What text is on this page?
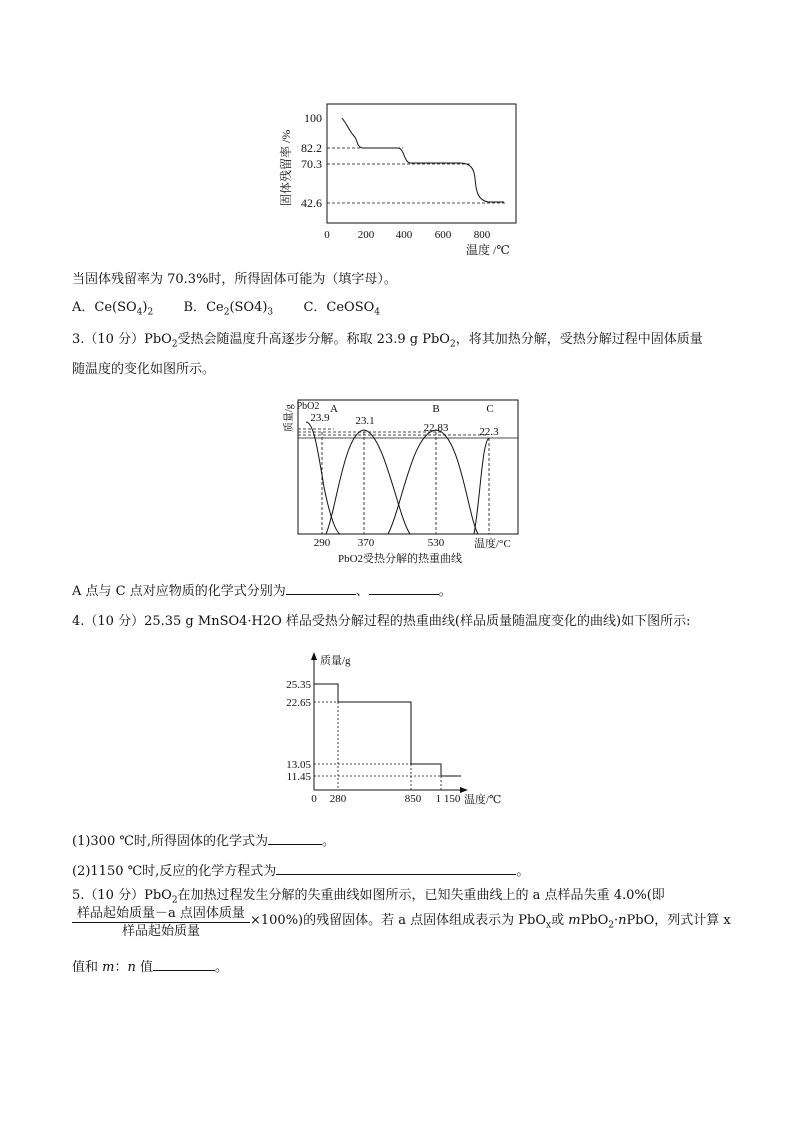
100
82.2
70.3
42.6
固体残留率 /%
0	200 400 600 800
温度 /℃
当固体残留率为 70.3%时，所得固体可能为（填字母）。
A．$Ce(SO_4)_2$ B．$Ce_2(SO4)_3$ C．CeOSO$_4$
3.（10 分）PbO$_2$受热会随温度升高逐步分解。称取 23.9 g PbO$_2$，将其加热分解，受热分解过程中固体质量
随温度的变化如图所示。
PbO2 A	B	C
23.9 23.1
22.83	22.3
质量/g
290	370	530	温度/°C
PbO2受热分解的热重曲线
A 点与 C 点对应物质的化学式分别为	、	。
4.（10 分）25.35 g MnSO4·H2O 样品受热分解过程的热重曲线(样品质量随温度变化的曲线)如下图所示:
质量/g
25.35
22.65
13.05
11.45
0 280	850 1 150 温度/℃
(1)300 ℃时,所得固体的化学式为	。
(2)1150 ℃时,反应的化学方程式为	。
5.（10 分）PbO$_2$在加热过程发生分解的失重曲线如图所示，已知失重曲线上的 a 点样品失重 4.0%(即
样品起始质量－a 点固体质量
样品起始质量
×100%)的残留固体。若 a 点固体组成表示为 PbO$_x$或 mPbO$_2$·nPbO，列式计算 x
值和 m：n 值	。
